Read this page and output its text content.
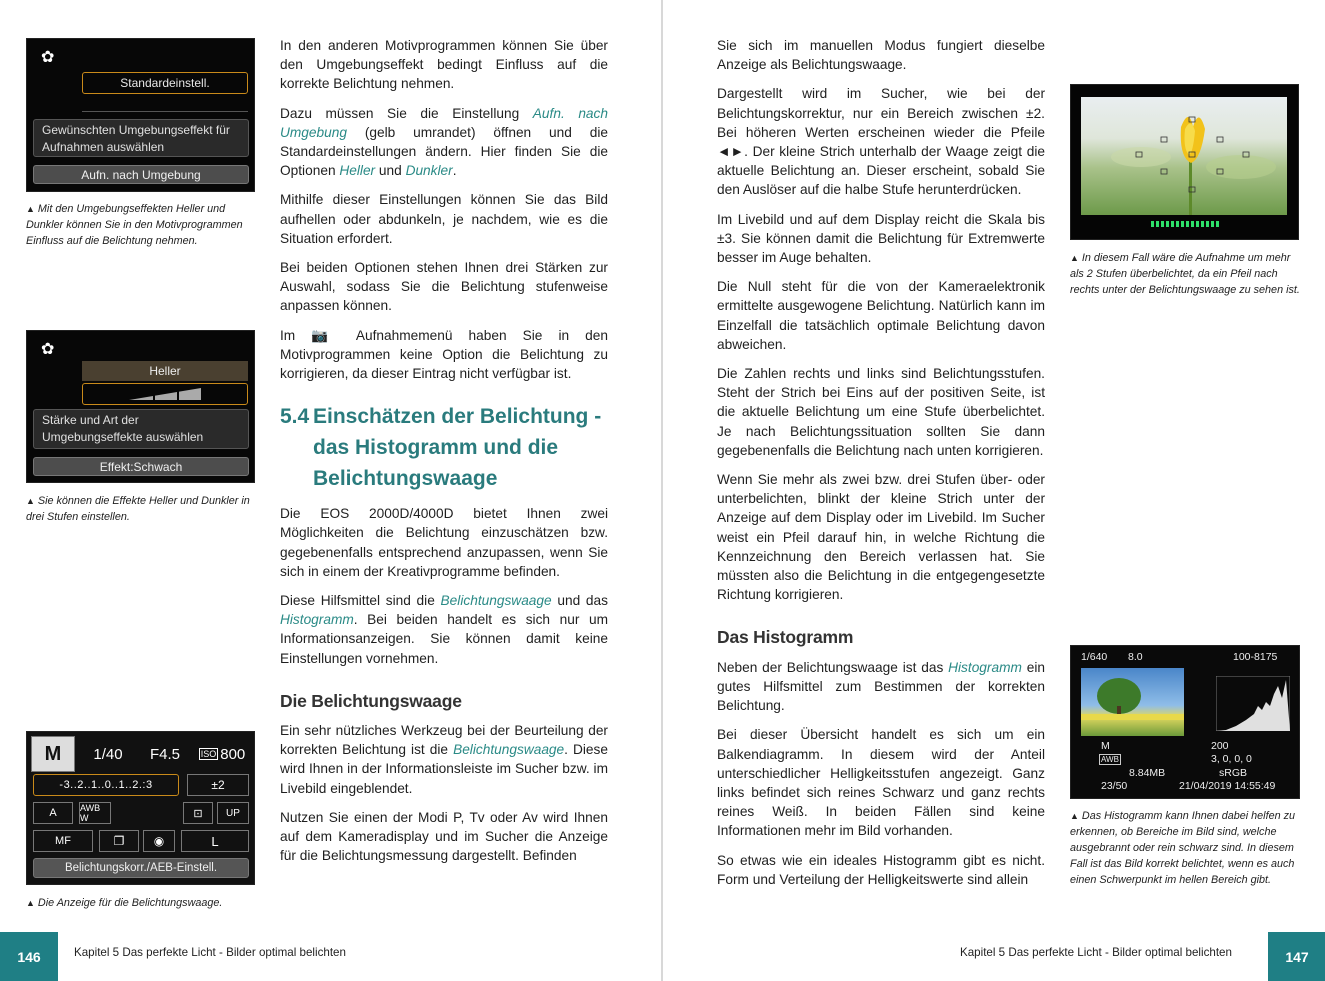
✿
Standardeinstell.
Gewünschten Umgebungseffekt für Aufnahmen auswählen
Aufn. nach Umgebung
▲ Mit den Umgebungseffekten Heller und Dunkler können Sie in den Motivprogrammen Einfluss auf die Belichtung nehmen.
✿
Heller
Stärke und Art der Umgebungseffekte auswählen
Effekt:Schwach
▲ Sie können die Effekte Heller und Dunkler in drei Stufen einstellen.
M	1/40	F4.5	ISO 800
-3..2..1..0..1..2.:3	±2
A	AWB W	⊡	UP
MF	❐	◉	L
Belichtungskorr./AEB-Einstell.
▲ Die Anzeige für die Belichtungswaage.

In den anderen Motivprogrammen können Sie über den Umgebungseffekt bedingt Einfluss auf die korrekte Belichtung nehmen.

Dazu müssen Sie die Einstellung Aufn. nach Umgebung (gelb umrandet) öffnen und die Standardeinstellungen ändern. Hier finden Sie die Optionen Heller und Dunkler.

Mithilfe dieser Einstellungen können Sie das Bild aufhellen oder abdunkeln, je nachdem, wie es die Situation erfordert.

Bei beiden Optionen stehen Ihnen drei Stärken zur Auswahl, sodass Sie die Belichtung stufenweise anpassen können.

Im 📷 Aufnahmemenü haben Sie in den Motivprogrammen keine Option die Belichtung zu korrigieren, da dieser Eintrag nicht verfügbar ist.

5.4 Einschätzen der Belichtung -
das Histogramm und die
Belichtungswaage

Die EOS 2000D/4000D bietet Ihnen zwei Möglichkeiten die Belichtung einzuschätzen bzw. gegebenenfalls entsprechend anzupassen, wenn Sie sich in einem der Kreativprogramme befinden.

Diese Hilfsmittel sind die Belichtungswaage und das Histogramm. Bei beiden handelt es sich nur um Informationsanzeigen. Sie können damit keine Einstellungen vornehmen.

Die Belichtungswaage

Ein sehr nützliches Werkzeug bei der Beurteilung der korrekten Belichtung ist die Belichtungswaage. Diese wird Ihnen in der Informationsleiste im Sucher bzw. im Livebild eingeblendet.

Nutzen Sie einen der Modi P, Tv oder Av wird Ihnen auf dem Kameradisplay und im Sucher die Anzeige für die Belichtungsmessung dargestellt. Befinden

146	Kapitel 5 Das perfekte Licht - Bilder optimal belichten

Sie sich im manuellen Modus fungiert dieselbe Anzeige als Belichtungswaage.

Dargestellt wird im Sucher, wie bei der Belichtungskorrektur, nur ein Bereich zwischen ±2. Bei höheren Werten erscheinen wieder die Pfeile ◄►. Der kleine Strich unterhalb der Waage zeigt die aktuelle Belichtung an. Dieser erscheint, sobald Sie den Auslöser auf die halbe Stufe herunterdrücken.

Im Livebild und auf dem Display reicht die Skala bis ±3. Sie können damit die Belichtung für Extremwerte besser im Auge behalten.

Die Null steht für die von der Kameraelektronik ermittelte ausgewogene Belichtung. Natürlich kann im Einzelfall die tatsächlich optimale Belichtung davon abweichen.

Die Zahlen rechts und links sind Belichtungsstufen. Steht der Strich bei Eins auf der positiven Seite, ist die aktuelle Belichtung um eine Stufe überbelichtet. Je nach Belichtungssituation sollten Sie dann gegebenenfalls die Belichtung nach unten korrigieren.

Wenn Sie mehr als zwei bzw. drei Stufen über- oder unterbelichten, blinkt der kleine Strich unter der Anzeige auf dem Display oder im Livebild. Im Sucher weist ein Pfeil darauf hin, in welche Richtung die Kennzeichnung den Bereich verlassen hat. Sie müssten also die Belichtung in die entgegengesetzte Richtung korrigieren.

Das Histogramm

Neben der Belichtungswaage ist das Histogramm ein gutes Hilfsmittel zum Bestimmen der korrekten Belichtung.

Bei dieser Übersicht handelt es sich um ein Balkendiagramm. In diesem wird der Anteil unterschiedlicher Helligkeitsstufen angezeigt. Ganz links befindet sich reines Schwarz und ganz rechts reines Weiß. In beiden Fällen sind keine Informationen mehr im Bild vorhanden.

So etwas wie ein ideales Histogramm gibt es nicht. Form und Verteilung der Helligkeitswerte sind allein

▲ In diesem Fall wäre die Aufnahme um mehr als 2 Stufen überbelichtet, da ein Pfeil nach rechts unter der Belichtungswaage zu sehen ist.
1/640 8.0	100-8175
M	200
AWB	3, 0, 0, 0
8.84MB	sRGB
23/50	21/04/2019 14:55:49
▲ Das Histogramm kann Ihnen dabei helfen zu erkennen, ob Bereiche im Bild sind, welche ausgebrannt oder rein schwarz sind. In diesem Fall ist das Bild korrekt belichtet, wenn es auch einen Schwerpunkt im hellen Bereich gibt.
Kapitel 5 Das perfekte Licht - Bilder optimal belichten	147
